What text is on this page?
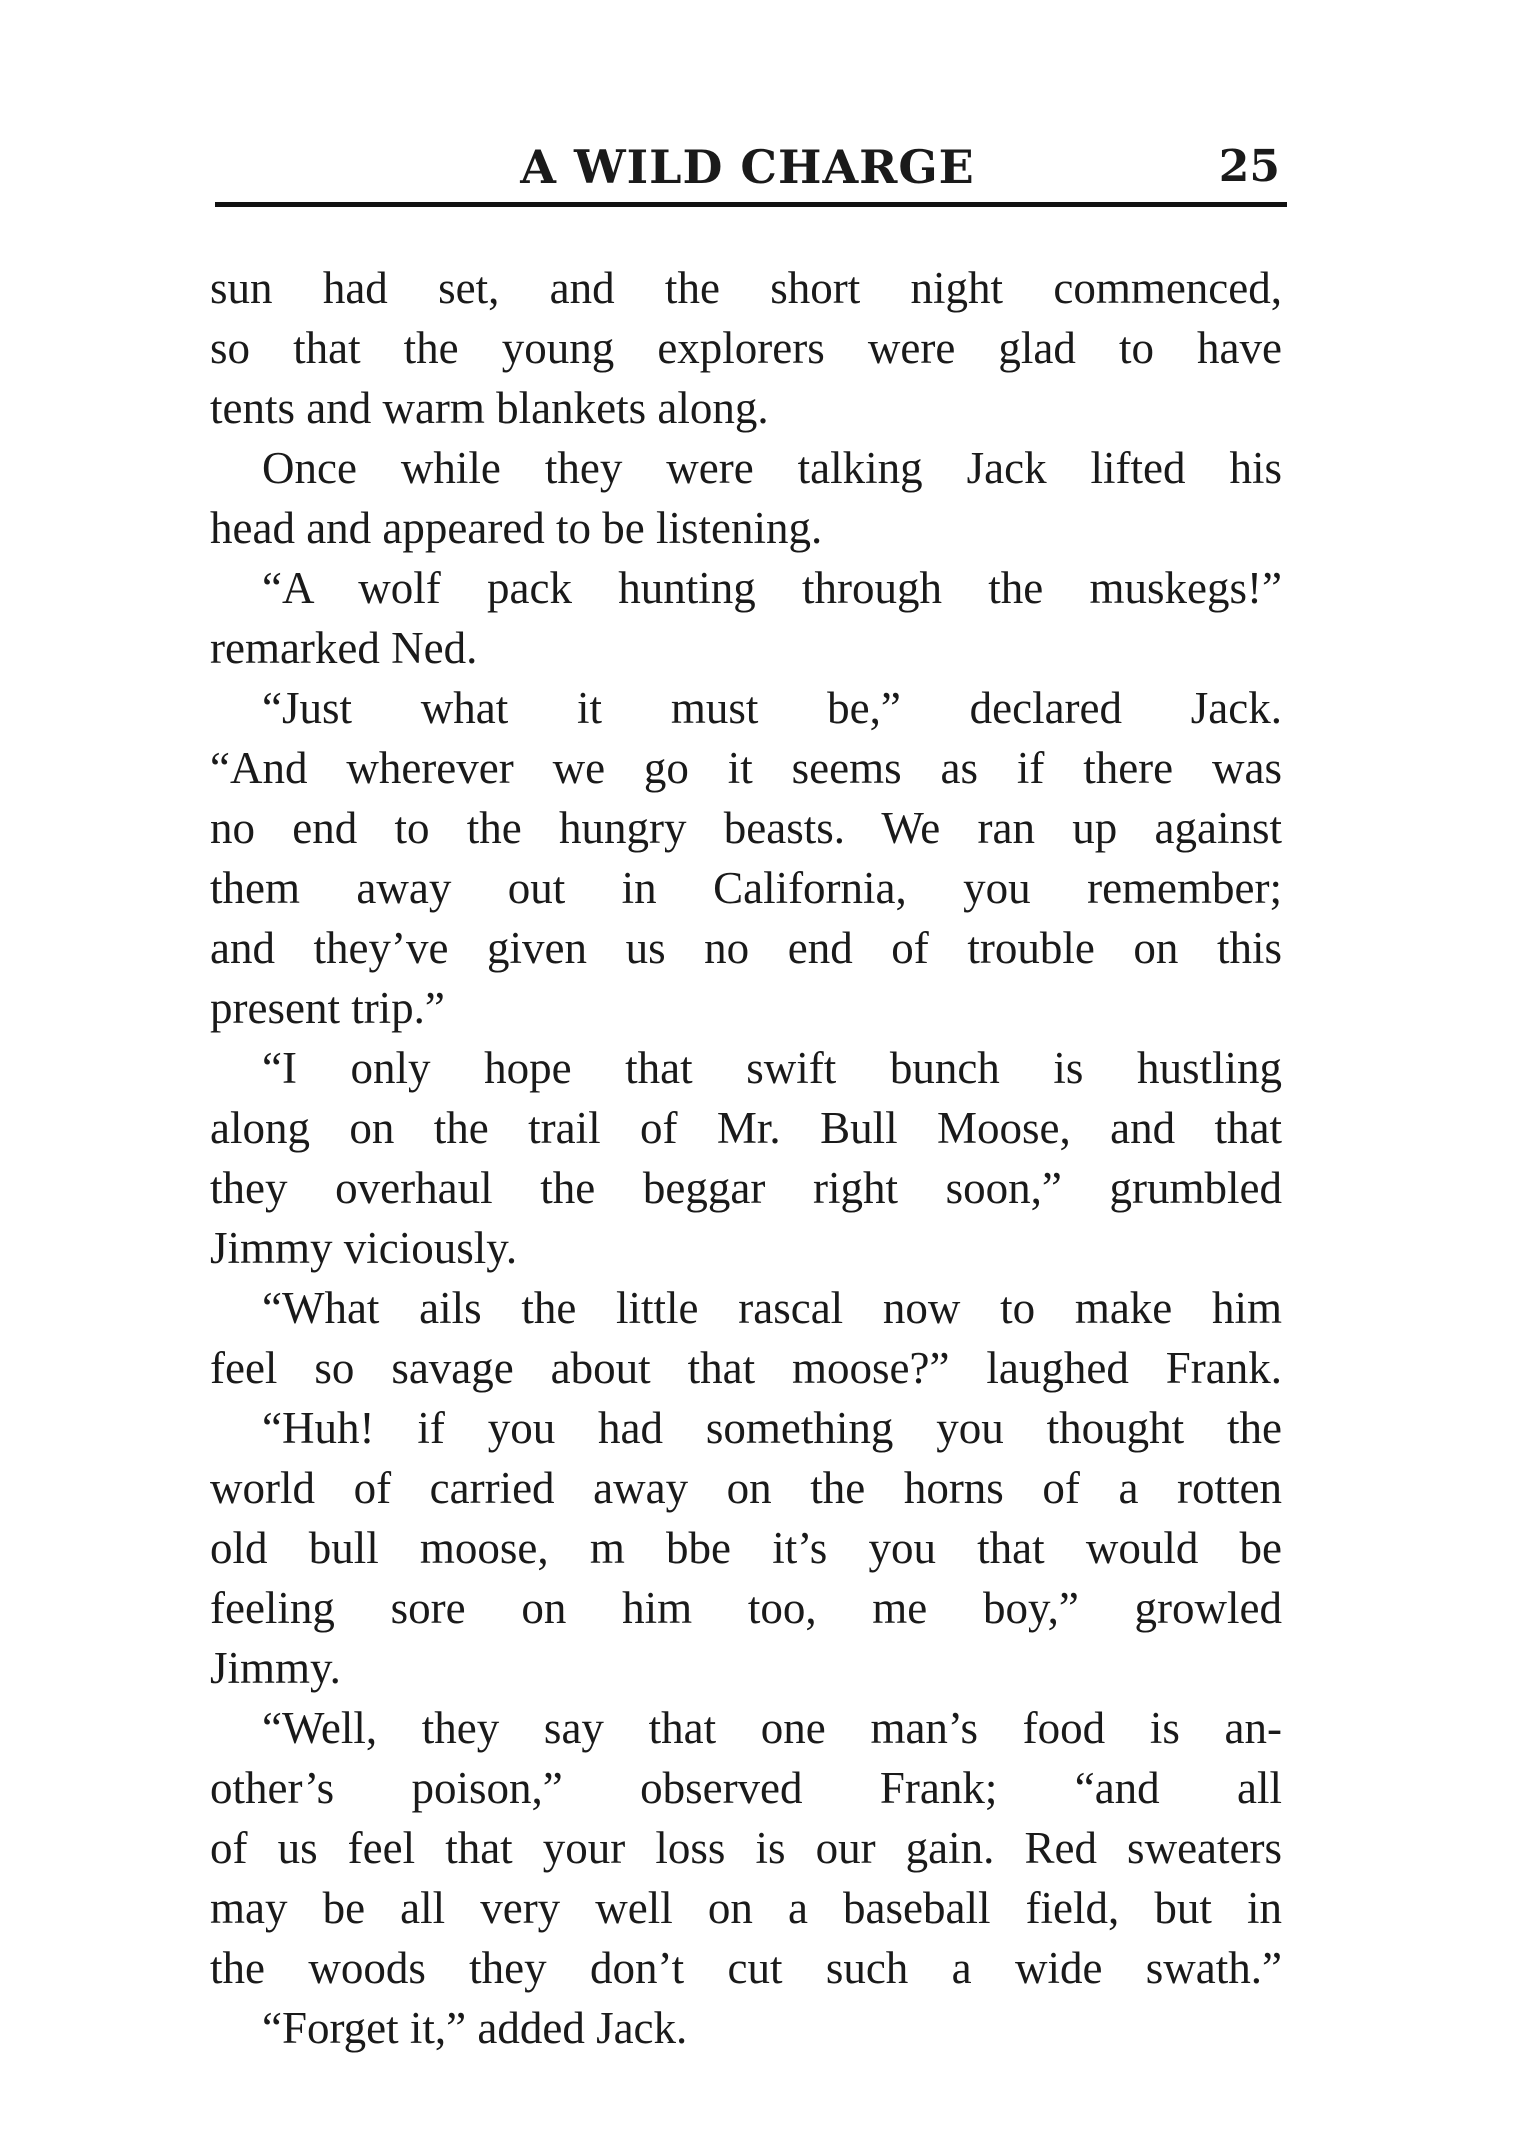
A WILD CHARGE	25
sun had set, and the short night commenced,
so that the young explorers were glad to have
tents and warm blankets along.
Once while they were talking Jack lifted his
head and appeared to be listening.
“A wolf pack hunting through the muskegs!”
remarked Ned.
“Just what it must be,” declared Jack.
“And wherever we go it seems as if there was
no end to the hungry beasts. We ran up against
them away out in California, you remember;
and they’ve given us no end of trouble on this
present trip.”
“I only hope that swift bunch is hustling
along on the trail of Mr. Bull Moose, and that
they overhaul the beggar right soon,” grumbled
Jimmy viciously.
“What ails the little rascal now to make him
feel so savage about that moose?” laughed Frank.
“Huh! if you had something you thought the
world of carried away on the horns of a rotten
old bull moose, m bbe it’s you that would be
feeling sore on him too, me boy,” growled
Jimmy.
“Well, they say that one man’s food is an-
other’s poison,” observed Frank; “and all
of us feel that your loss is our gain. Red sweaters
may be all very well on a baseball field, but in
the woods they don’t cut such a wide swath.”
“Forget it,” added Jack.
